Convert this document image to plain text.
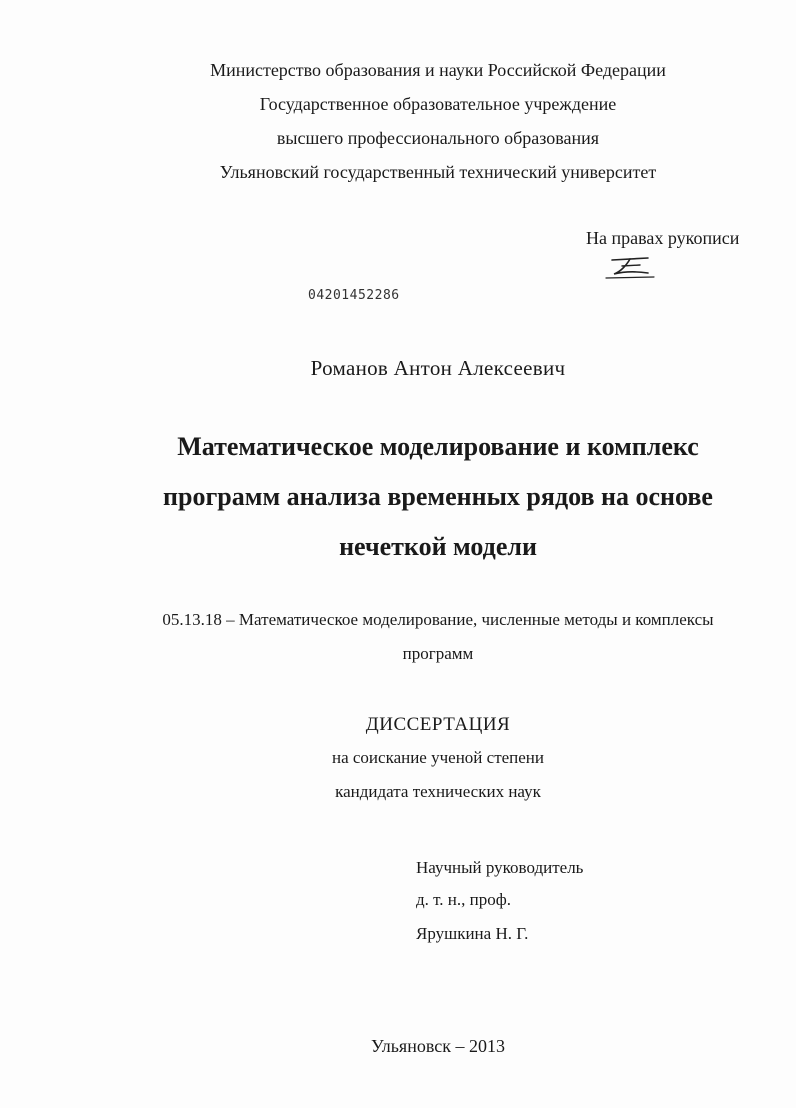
Министерство образования и науки Российской Федерации
Государственное образовательное учреждение
высшего профессионального образования
Ульяновский государственный технический университет
На правах рукописи
04201452286
Романов Антон Алексеевич
Математическое моделирование и комплекс
программ анализа временных рядов на основе
нечеткой модели
05.13.18 – Математическое моделирование, численные методы и комплексы
программ
ДИССЕРТАЦИЯ
на соискание ученой степени
кандидата технических наук
Научный руководитель
д. т. н., проф.
Ярушкина Н. Г.
Ульяновск – 2013
